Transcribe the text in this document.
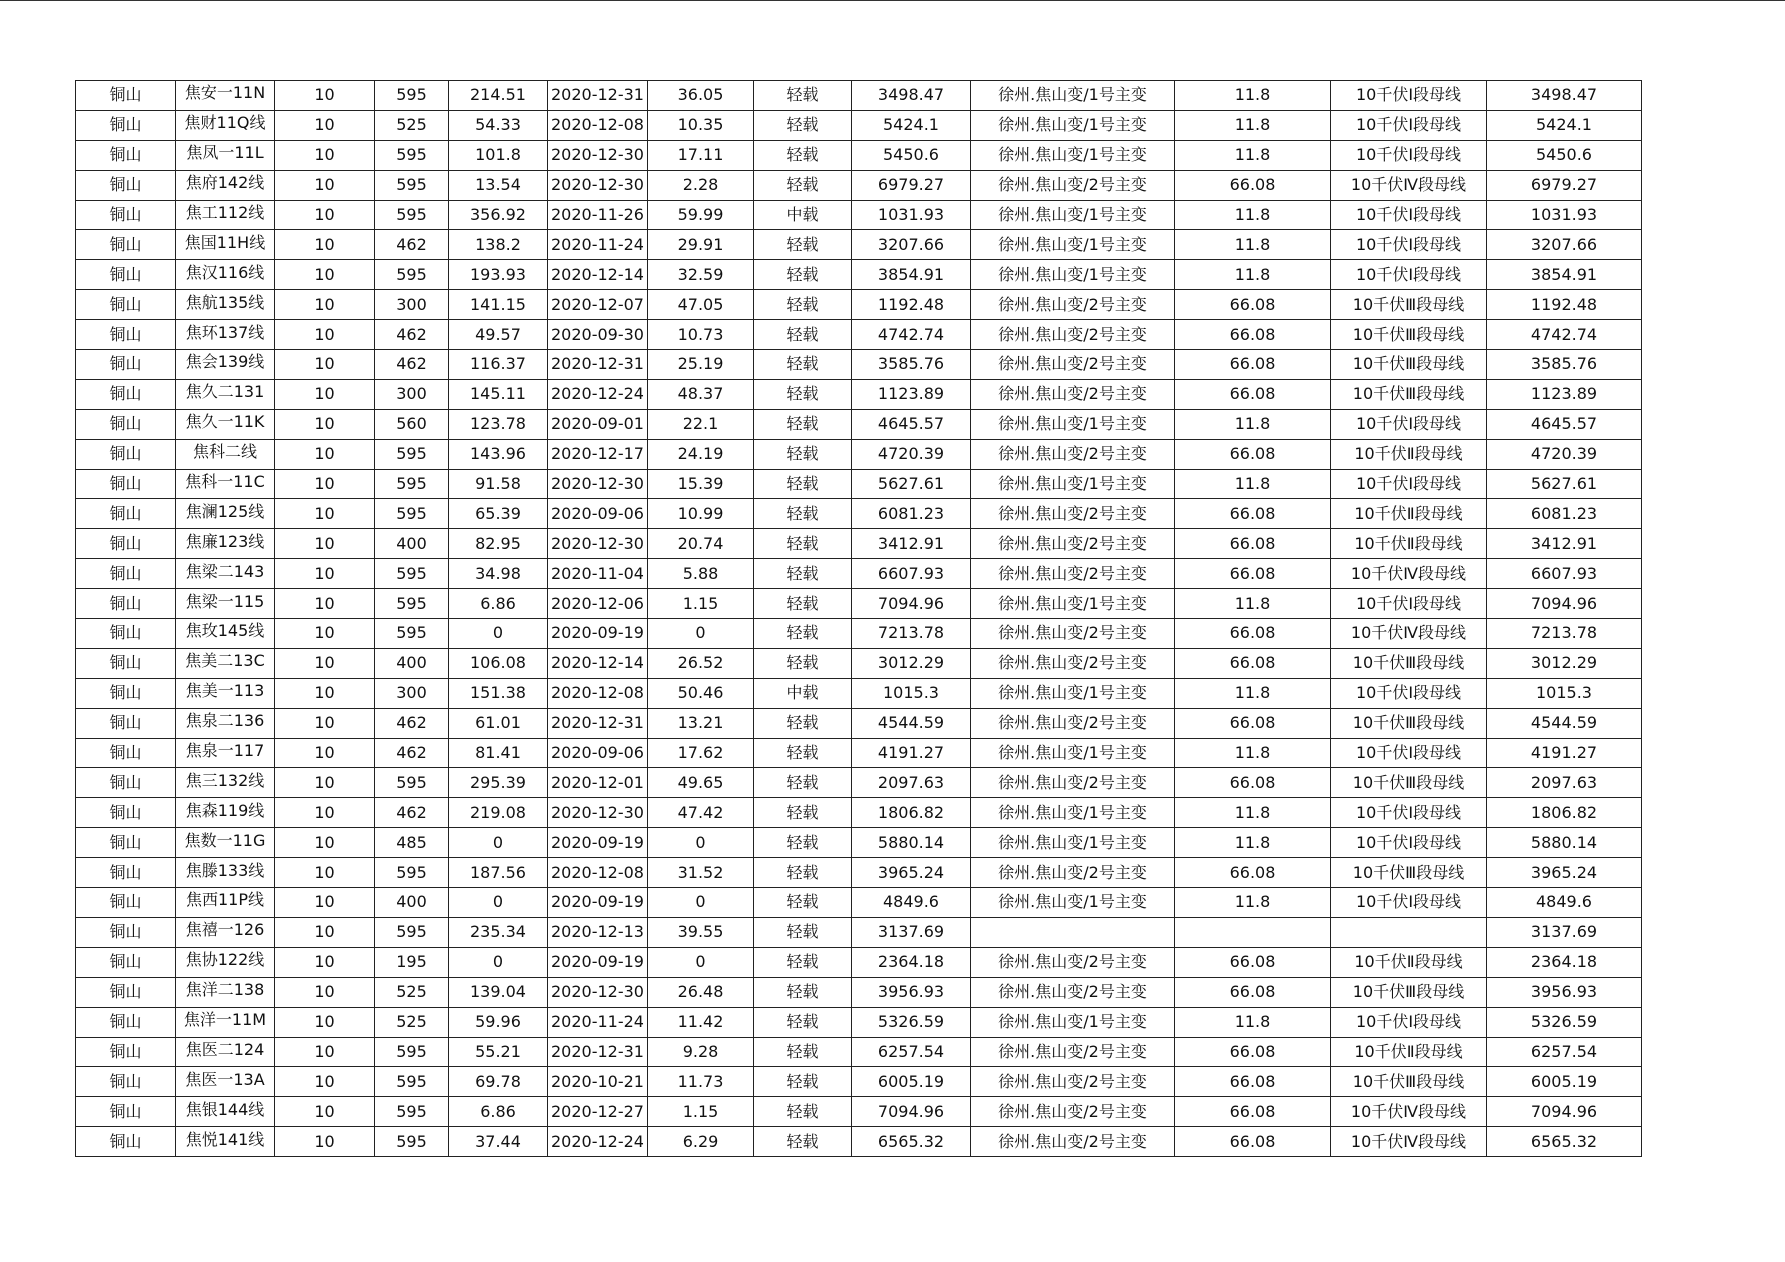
铜山	焦安一11N	10	595	214.51	2020-12-31	36.05	轻载	3498.47	徐州.焦山变/1号主变	11.8	10千伏Ⅰ段母线	3498.47
铜山	焦财11Q线	10	525	54.33	2020-12-08	10.35	轻载	5424.1	徐州.焦山变/1号主变	11.8	10千伏Ⅰ段母线	5424.1
铜山	焦凤一11L	10	595	101.8	2020-12-30	17.11	轻载	5450.6	徐州.焦山变/1号主变	11.8	10千伏Ⅰ段母线	5450.6
铜山	焦府142线	10	595	13.54	2020-12-30	2.28	轻载	6979.27	徐州.焦山变/2号主变	66.08	10千伏Ⅳ段母线	6979.27
铜山	焦工112线	10	595	356.92	2020-11-26	59.99	中载	1031.93	徐州.焦山变/1号主变	11.8	10千伏Ⅰ段母线	1031.93
铜山	焦国11H线	10	462	138.2	2020-11-24	29.91	轻载	3207.66	徐州.焦山变/1号主变	11.8	10千伏Ⅰ段母线	3207.66
铜山	焦汉116线	10	595	193.93	2020-12-14	32.59	轻载	3854.91	徐州.焦山变/1号主变	11.8	10千伏Ⅰ段母线	3854.91
铜山	焦航135线	10	300	141.15	2020-12-07	47.05	轻载	1192.48	徐州.焦山变/2号主变	66.08	10千伏Ⅲ段母线	1192.48
铜山	焦环137线	10	462	49.57	2020-09-30	10.73	轻载	4742.74	徐州.焦山变/2号主变	66.08	10千伏Ⅲ段母线	4742.74
铜山	焦会139线	10	462	116.37	2020-12-31	25.19	轻载	3585.76	徐州.焦山变/2号主变	66.08	10千伏Ⅲ段母线	3585.76
铜山	焦久二131	10	300	145.11	2020-12-24	48.37	轻载	1123.89	徐州.焦山变/2号主变	66.08	10千伏Ⅲ段母线	1123.89
铜山	焦久一11K	10	560	123.78	2020-09-01	22.1	轻载	4645.57	徐州.焦山变/1号主变	11.8	10千伏Ⅰ段母线	4645.57
铜山	焦科二线	10	595	143.96	2020-12-17	24.19	轻载	4720.39	徐州.焦山变/2号主变	66.08	10千伏Ⅱ段母线	4720.39
铜山	焦科一11C	10	595	91.58	2020-12-30	15.39	轻载	5627.61	徐州.焦山变/1号主变	11.8	10千伏Ⅰ段母线	5627.61
铜山	焦澜125线	10	595	65.39	2020-09-06	10.99	轻载	6081.23	徐州.焦山变/2号主变	66.08	10千伏Ⅱ段母线	6081.23
铜山	焦廉123线	10	400	82.95	2020-12-30	20.74	轻载	3412.91	徐州.焦山变/2号主变	66.08	10千伏Ⅱ段母线	3412.91
铜山	焦梁二143	10	595	34.98	2020-11-04	5.88	轻载	6607.93	徐州.焦山变/2号主变	66.08	10千伏Ⅳ段母线	6607.93
铜山	焦梁一115	10	595	6.86	2020-12-06	1.15	轻载	7094.96	徐州.焦山变/1号主变	11.8	10千伏Ⅰ段母线	7094.96
铜山	焦玫145线	10	595	0	2020-09-19	0	轻载	7213.78	徐州.焦山变/2号主变	66.08	10千伏Ⅳ段母线	7213.78
铜山	焦美二13C	10	400	106.08	2020-12-14	26.52	轻载	3012.29	徐州.焦山变/2号主变	66.08	10千伏Ⅲ段母线	3012.29
铜山	焦美一113	10	300	151.38	2020-12-08	50.46	中载	1015.3	徐州.焦山变/1号主变	11.8	10千伏Ⅰ段母线	1015.3
铜山	焦泉二136	10	462	61.01	2020-12-31	13.21	轻载	4544.59	徐州.焦山变/2号主变	66.08	10千伏Ⅲ段母线	4544.59
铜山	焦泉一117	10	462	81.41	2020-09-06	17.62	轻载	4191.27	徐州.焦山变/1号主变	11.8	10千伏Ⅰ段母线	4191.27
铜山	焦三132线	10	595	295.39	2020-12-01	49.65	轻载	2097.63	徐州.焦山变/2号主变	66.08	10千伏Ⅲ段母线	2097.63
铜山	焦森119线	10	462	219.08	2020-12-30	47.42	轻载	1806.82	徐州.焦山变/1号主变	11.8	10千伏Ⅰ段母线	1806.82
铜山	焦数一11G	10	485	0	2020-09-19	0	轻载	5880.14	徐州.焦山变/1号主变	11.8	10千伏Ⅰ段母线	5880.14
铜山	焦滕133线	10	595	187.56	2020-12-08	31.52	轻载	3965.24	徐州.焦山变/2号主变	66.08	10千伏Ⅲ段母线	3965.24
铜山	焦西11P线	10	400	0	2020-09-19	0	轻载	4849.6	徐州.焦山变/1号主变	11.8	10千伏Ⅰ段母线	4849.6
铜山	焦禧一126	10	595	235.34	2020-12-13	39.55	轻载	3137.69				3137.69
铜山	焦协122线	10	195	0	2020-09-19	0	轻载	2364.18	徐州.焦山变/2号主变	66.08	10千伏Ⅱ段母线	2364.18
铜山	焦洋二138	10	525	139.04	2020-12-30	26.48	轻载	3956.93	徐州.焦山变/2号主变	66.08	10千伏Ⅲ段母线	3956.93
铜山	焦洋一11M	10	525	59.96	2020-11-24	11.42	轻载	5326.59	徐州.焦山变/1号主变	11.8	10千伏Ⅰ段母线	5326.59
铜山	焦医二124	10	595	55.21	2020-12-31	9.28	轻载	6257.54	徐州.焦山变/2号主变	66.08	10千伏Ⅱ段母线	6257.54
铜山	焦医一13A	10	595	69.78	2020-10-21	11.73	轻载	6005.19	徐州.焦山变/2号主变	66.08	10千伏Ⅲ段母线	6005.19
铜山	焦银144线	10	595	6.86	2020-12-27	1.15	轻载	7094.96	徐州.焦山变/2号主变	66.08	10千伏Ⅳ段母线	7094.96
铜山	焦悦141线	10	595	37.44	2020-12-24	6.29	轻载	6565.32	徐州.焦山变/2号主变	66.08	10千伏Ⅳ段母线	6565.32
